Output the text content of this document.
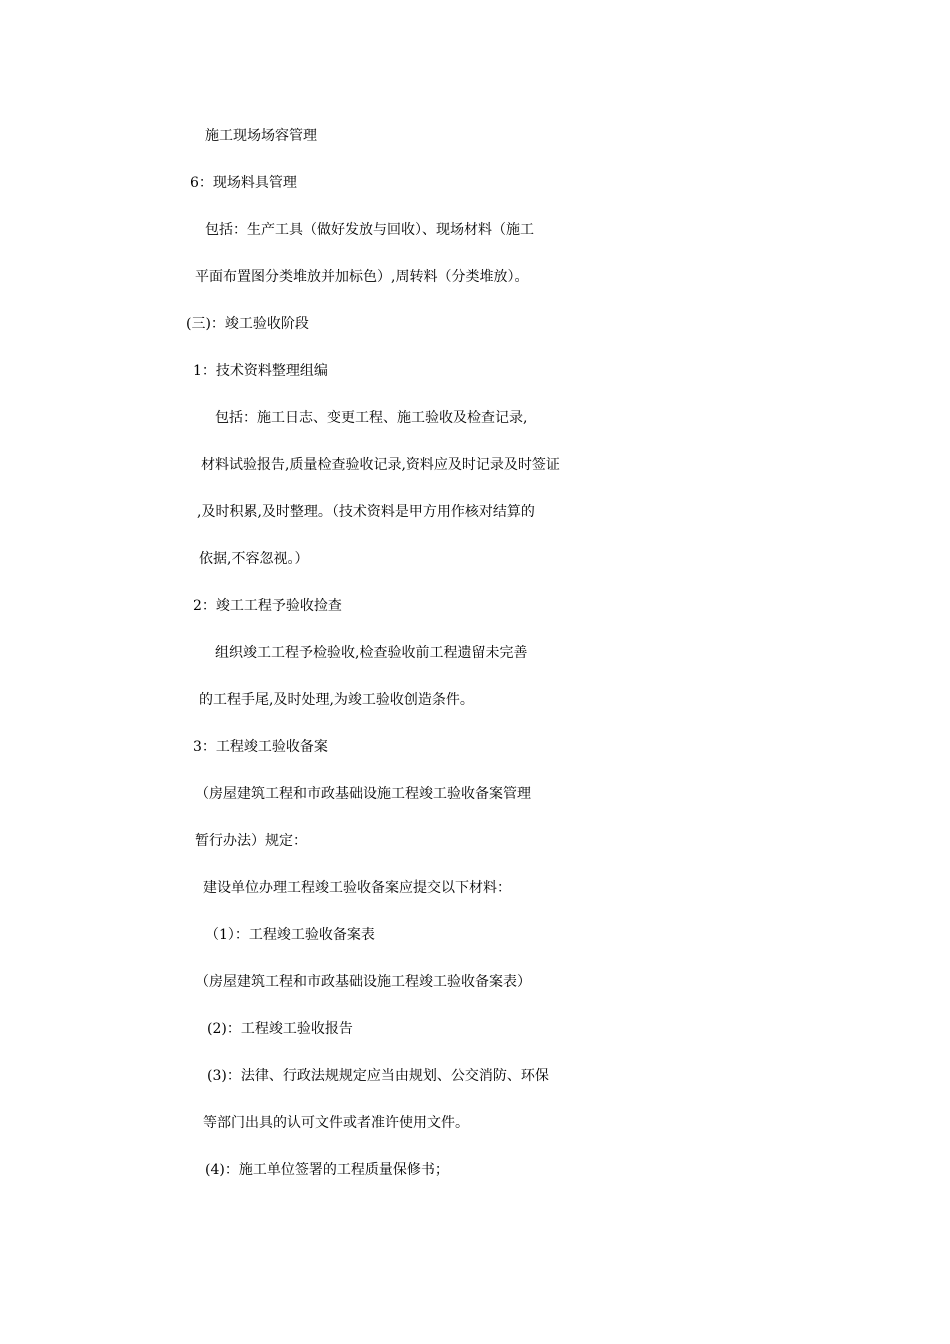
施工现场场容管理
6：现场料具管理
包括：生产工具（做好发放与回收）、现场材料（施工
平面布置图分类堆放并加标色）,周转料（分类堆放）。
(三)：竣工验收阶段
1：技术资料整理组编
包括：施工日志、变更工程、施工验收及检查记录,
材料试验报告,质量检查验收记录,资料应及时记录及时签证
,及时积累,及时整理。（技术资料是甲方用作核对结算的
依据,不容忽视。）
2：竣工工程予验收捡查
组织竣工工程予检验收,检查验收前工程遗留未完善
的工程手尾,及时处理,为竣工验收创造条件。
3：工程竣工验收备案
（房屋建筑工程和市政基础设施工程竣工验收备案管理
暂行办法）规定：
建设单位办理工程竣工验收备案应提交以下材料：
（1）：工程竣工验收备案表
（房屋建筑工程和市政基础设施工程竣工验收备案表）
(2)：工程竣工验收报告
(3)：法律、行政法规规定应当由规划、公交消防、环保
等部门出具的认可文件或者准许使用文件。
(4)：施工单位签署的工程质量保修书；
